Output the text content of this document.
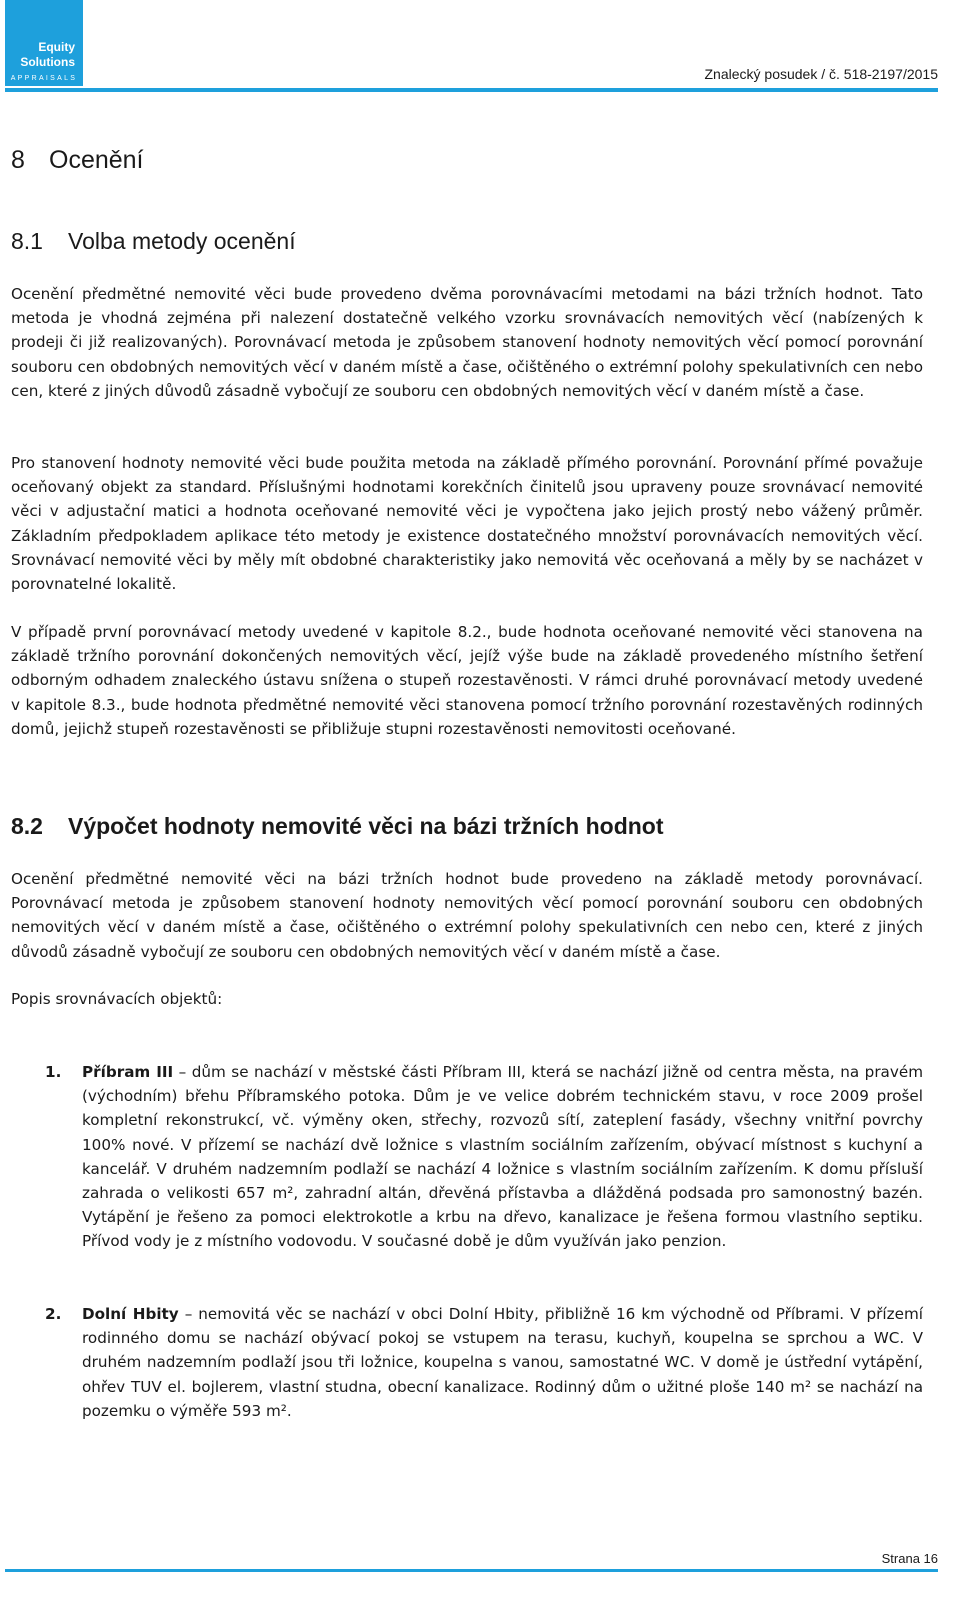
Equity
Solutions
APPRAISALS	Znalecký posudek / č. 518-2197/2015
8 Ocenění
8.1 Volba metody ocenění

Ocenění předmětné nemovité věci bude provedeno dvěma porovnávacími metodami na bázi tržních hodnot. Tato metoda je vhodná zejména při nalezení dostatečně velkého vzorku srovnávacích nemovitých věcí (nabízených k prodeji či již realizovaných). Porovnávací metoda je způsobem stanovení hodnoty nemovitých věcí pomocí porovnání souboru cen obdobných nemovitých věcí v daném místě a čase, očištěného o extrémní polohy spekulativních cen nebo cen, které z jiných důvodů zásadně vybočují ze souboru cen obdobných nemovitých věcí v daném místě a čase.

Pro stanovení hodnoty nemovité věci bude použita metoda na základě přímého porovnání. Porovnání přímé považuje oceňovaný objekt za standard. Příslušnými hodnotami korekčních činitelů jsou upraveny pouze srovnávací nemovité věci v adjustační matici a hodnota oceňované nemovité věci je vypočtena jako jejich prostý nebo vážený průměr. Základním předpokladem aplikace této metody je existence dostatečného množství porovnávacích nemovitých věcí. Srovnávací nemovité věci by měly mít obdobné charakteristiky jako nemovitá věc oceňovaná a měly by se nacházet v porovnatelné lokalitě.

V případě první porovnávací metody uvedené v kapitole 8.2., bude hodnota oceňované nemovité věci stanovena na základě tržního porovnání dokončených nemovitých věcí, jejíž výše bude na základě provedeného místního šetření odborným odhadem znaleckého ústavu snížena o stupeň rozestavěnosti. V rámci druhé porovnávací metody uvedené v kapitole 8.3., bude hodnota předmětné nemovité věci stanovena pomocí tržního porovnání rozestavěných rodinných domů, jejichž stupeň rozestavěnosti se přibližuje stupni rozestavěnosti nemovitosti oceňované.

8.2 Výpočet hodnoty nemovité věci na bázi tržních hodnot

Ocenění předmětné nemovité věci na bázi tržních hodnot bude provedeno na základě metody porovnávací. Porovnávací metoda je způsobem stanovení hodnoty nemovitých věcí pomocí porovnání souboru cen obdobných nemovitých věcí v daném místě a čase, očištěného o extrémní polohy spekulativních cen nebo cen, které z jiných důvodů zásadně vybočují ze souboru cen obdobných nemovitých věcí v daném místě a čase.

Popis srovnávacích objektů:

1. Příbram III – dům se nachází v městské části Příbram III, která se nachází jižně od centra města, na pravém (východním) břehu Příbramského potoka. Dům je ve velice dobrém technickém stavu, v roce 2009 prošel kompletní rekonstrukcí, vč. výměny oken, střechy, rozvozů sítí, zateplení fasády, všechny vnitřní povrchy 100% nové. V přízemí se nachází dvě ložnice s vlastním sociálním zařízením, obývací místnost s kuchyní a kancelář. V druhém nadzemním podlaží se nachází 4 ložnice s vlastním sociálním zařízením. K domu přísluší zahrada o velikosti 657 m², zahradní altán, dřevěná přístavba a dlážděná podsada pro samonostný bazén. Vytápění je řešeno za pomoci elektrokotle a krbu na dřevo, kanalizace je řešena formou vlastního septiku. Přívod vody je z místního vodovodu. V současné době je dům využíván jako penzion.
2. Dolní Hbity – nemovitá věc se nachází v obci Dolní Hbity, přibližně 16 km východně od Příbrami. V přízemí rodinného domu se nachází obývací pokoj se vstupem na terasu, kuchyň, koupelna se sprchou a WC. V druhém nadzemním podlaží jsou tři ložnice, koupelna s vanou, samostatné WC. V domě je ústřední vytápění, ohřev TUV el. bojlerem, vlastní studna, obecní kanalizace. Rodinný dům o užitné ploše 140 m² se nachází na pozemku o výměře 593 m².
Strana 16
